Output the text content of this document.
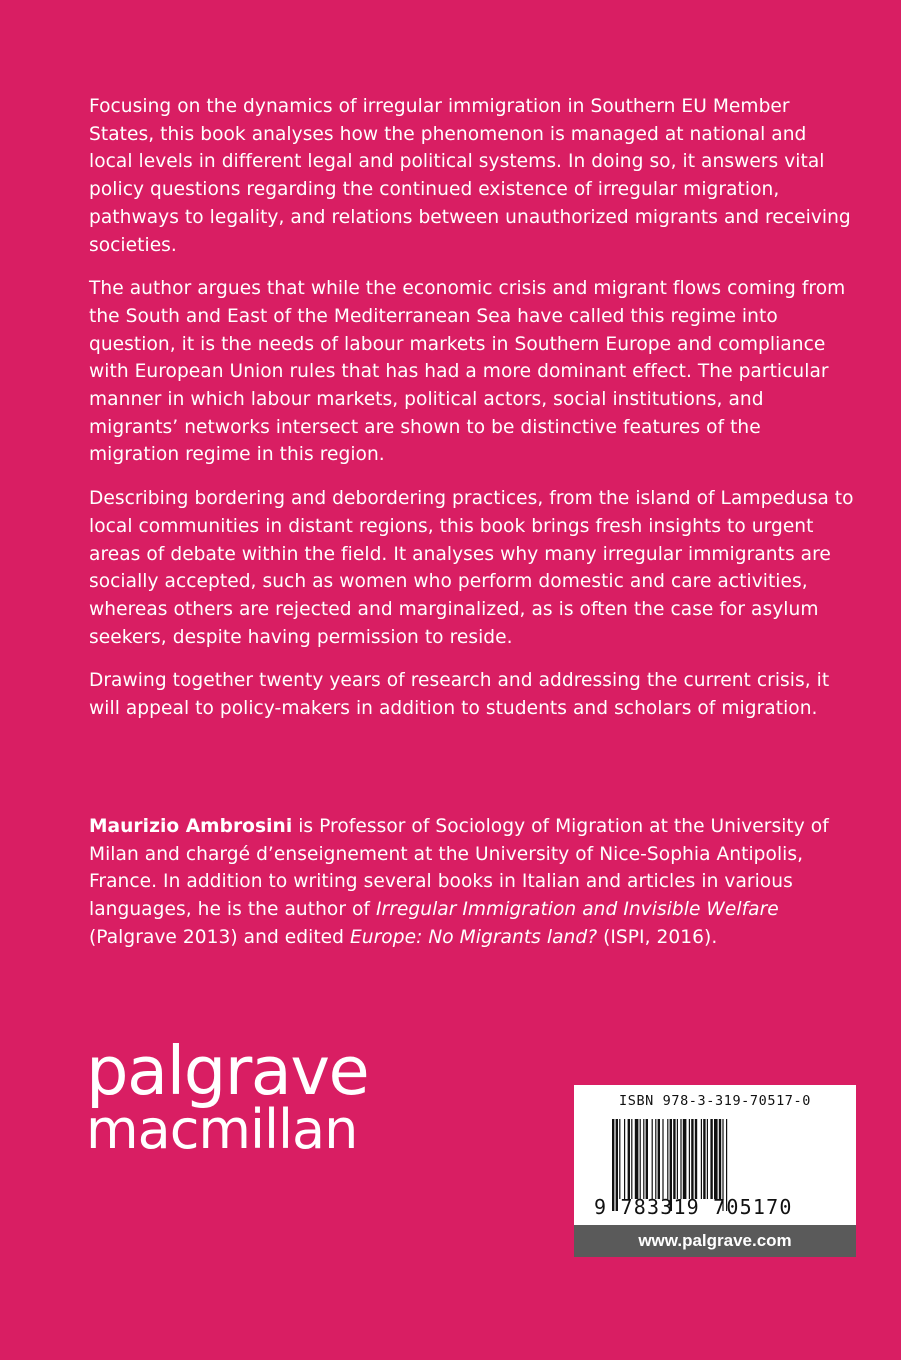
Focusing on the dynamics of irregular immigration in Southern EU Member States, this book analyses how the phenomenon is managed at national and local levels in different legal and political systems. In doing so, it answers vital policy questions regarding the continued existence of irregular migration, pathways to legality, and relations between unauthorized migrants and receiving societies.

The author argues that while the economic crisis and migrant flows coming from the South and East of the Mediterranean Sea have called this regime into question, it is the needs of labour markets in Southern Europe and compliance with European Union rules that has had a more dominant effect. The particular manner in which labour markets, political actors, social institutions, and migrants’ networks intersect are shown to be distinctive features of the migration regime in this region.

Describing bordering and debordering practices, from the island of Lampedusa to local communities in distant regions, this book brings fresh insights to urgent areas of debate within the field. It analyses why many irregular immigrants are socially accepted, such as women who perform domestic and care activities, whereas others are rejected and marginalized, as is often the case for asylum seekers, despite having permission to reside.

Drawing together twenty years of research and addressing the current crisis, it will appeal to policy-makers in addition to students and scholars of migration.

Maurizio Ambrosini is Professor of Sociology of Migration at the University of Milan and chargé d’enseignement at the University of Nice-Sophia Antipolis, France. In addition to writing several books in Italian and articles in various languages, he is the author of Irregular Immigration and Invisible Welfare (Palgrave 2013) and edited Europe: No Migrants land? (ISPI, 2016).

palgrave
macmillan	ISBN 978-3-319-70517-0
9 783319 705170
www.palgrave.com
